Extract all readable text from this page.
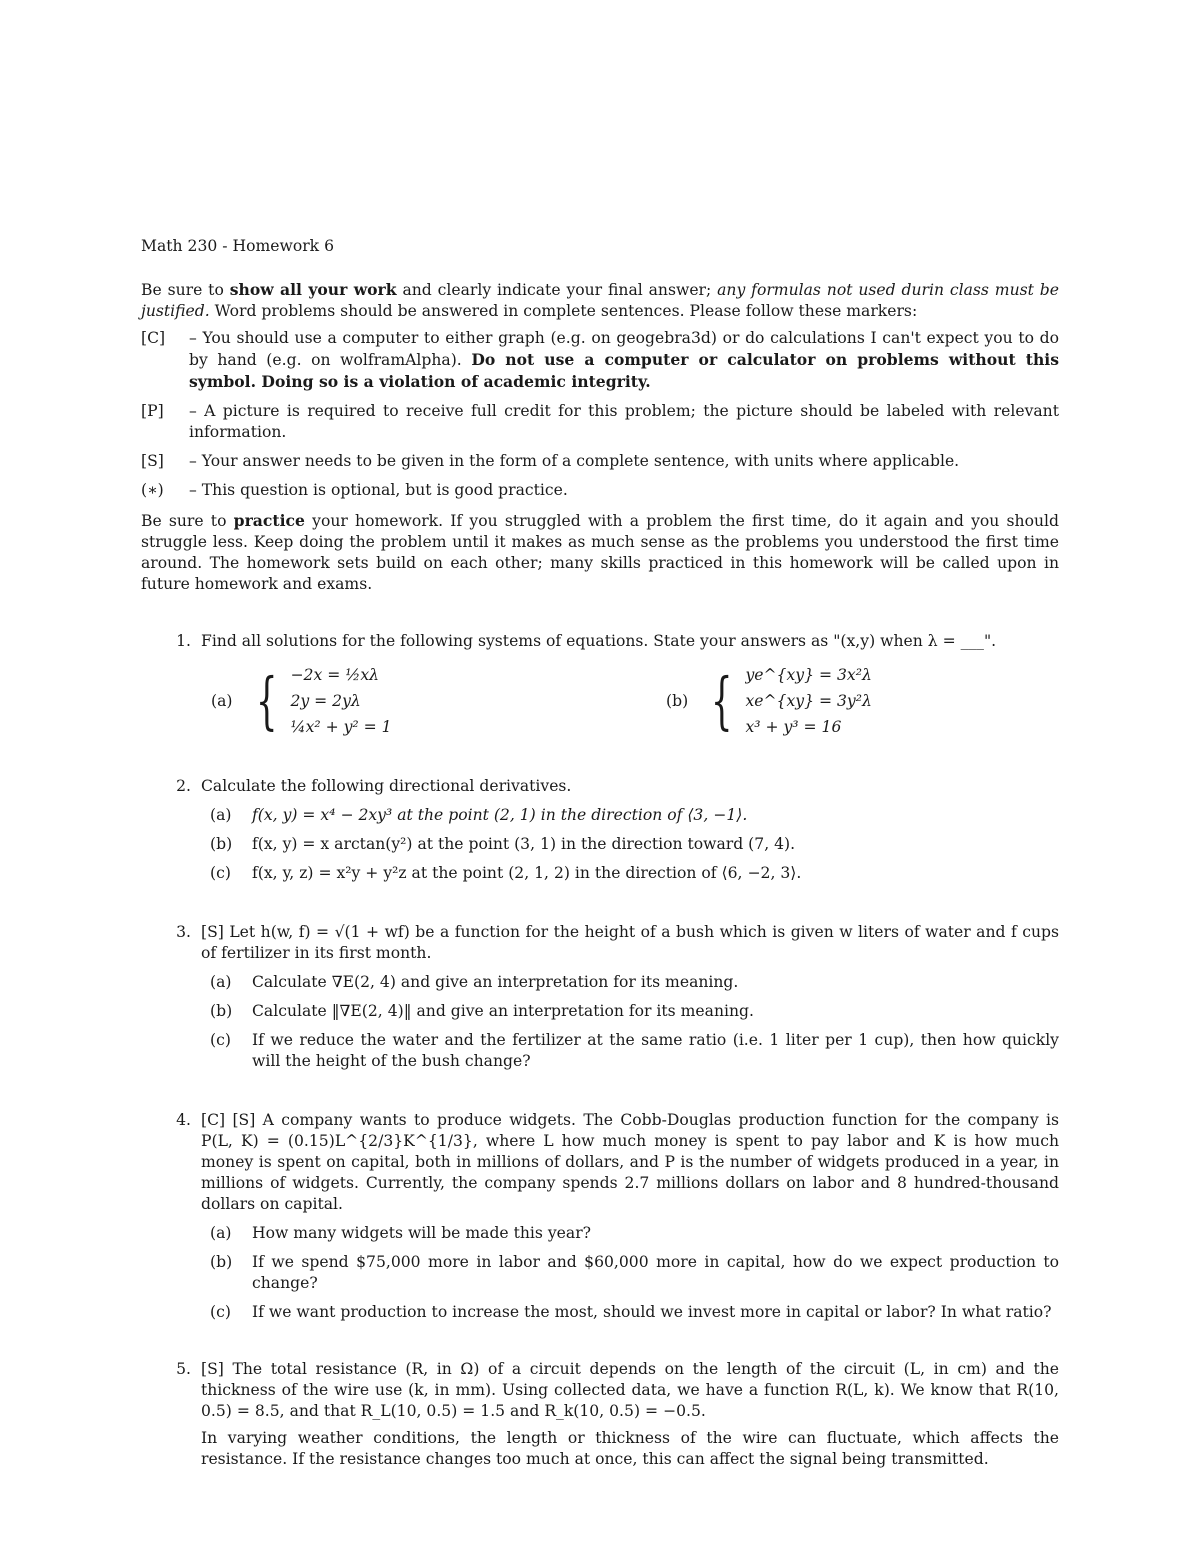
Math 230 - Homework 6

Be sure to show all your work and clearly indicate your final answer; any formulas not used durin class must be justified. Word problems should be answered in complete sentences. Please follow these markers:

[C]	– You should use a computer to either graph (e.g. on geogebra3d) or do calculations I can't expect you to do by hand (e.g. on wolframAlpha). Do not use a computer or calculator on problems without this symbol. Doing so is a violation of academic integrity.
[P]	– A picture is required to receive full credit for this problem; the picture should be labeled with relevant information.
[S]	– Your answer needs to be given in the form of a complete sentence, with units where applicable.
(∗)	– This question is optional, but is good practice.

Be sure to practice your homework. If you struggled with a problem the first time, do it again and you should struggle less. Keep doing the problem until it makes as much sense as the problems you understood the first time around. The homework sets build on each other; many skills practiced in this homework will be called upon in future homework and exams.

1. Find all solutions for the following systems of equations. State your answers as "(x,y) when λ = ___".

(a) { −2x = ½xλ
2y = 2yλ
¼x² + y² = 1
(b) { ye^{xy} = 3x²λ
xe^{xy} = 3y²λ
x³ + y³ = 16
2. Calculate the following directional derivatives.

(a)	f(x, y) = x⁴ − 2xy³ at the point (2, 1) in the direction of ⟨3, −1⟩.
(b)	f(x, y) = x arctan(y²) at the point (3, 1) in the direction toward (7, 4).
(c)	f(x, y, z) = x²y + y²z at the point (2, 1, 2) in the direction of ⟨6, −2, 3⟩.
3. [S] Let h(w, f) = √(1 + wf) be a function for the height of a bush which is given w liters of water and f cups of fertilizer in its first month.

(a)	Calculate ∇E(2, 4) and give an interpretation for its meaning.
(b)	Calculate ‖∇E(2, 4)‖ and give an interpretation for its meaning.
(c)	If we reduce the water and the fertilizer at the same ratio (i.e. 1 liter per 1 cup), then how quickly will the height of the bush change?
4. [C] [S] A company wants to produce widgets. The Cobb-Douglas production function for the company is P(L, K) = (0.15)L^{2/3}K^{1/3}, where L how much money is spent to pay labor and K is how much money is spent on capital, both in millions of dollars, and P is the number of widgets produced in a year, in millions of widgets. Currently, the company spends 2.7 millions dollars on labor and 8 hundred-thousand dollars on capital.

(a)	How many widgets will be made this year?
(b)	If we spend $75,000 more in labor and $60,000 more in capital, how do we expect production to change?
(c)	If we want production to increase the most, should we invest more in capital or labor? In what ratio?
5. [S] The total resistance (R, in Ω) of a circuit depends on the length of the circuit (L, in cm) and the thickness of the wire use (k, in mm). Using collected data, we have a function R(L, k). We know that R(10, 0.5) = 8.5, and that R_L(10, 0.5) = 1.5 and R_k(10, 0.5) = −0.5.

In varying weather conditions, the length or thickness of the wire can fluctuate, which affects the resistance. If the resistance changes too much at once, this can affect the signal being transmitted.
